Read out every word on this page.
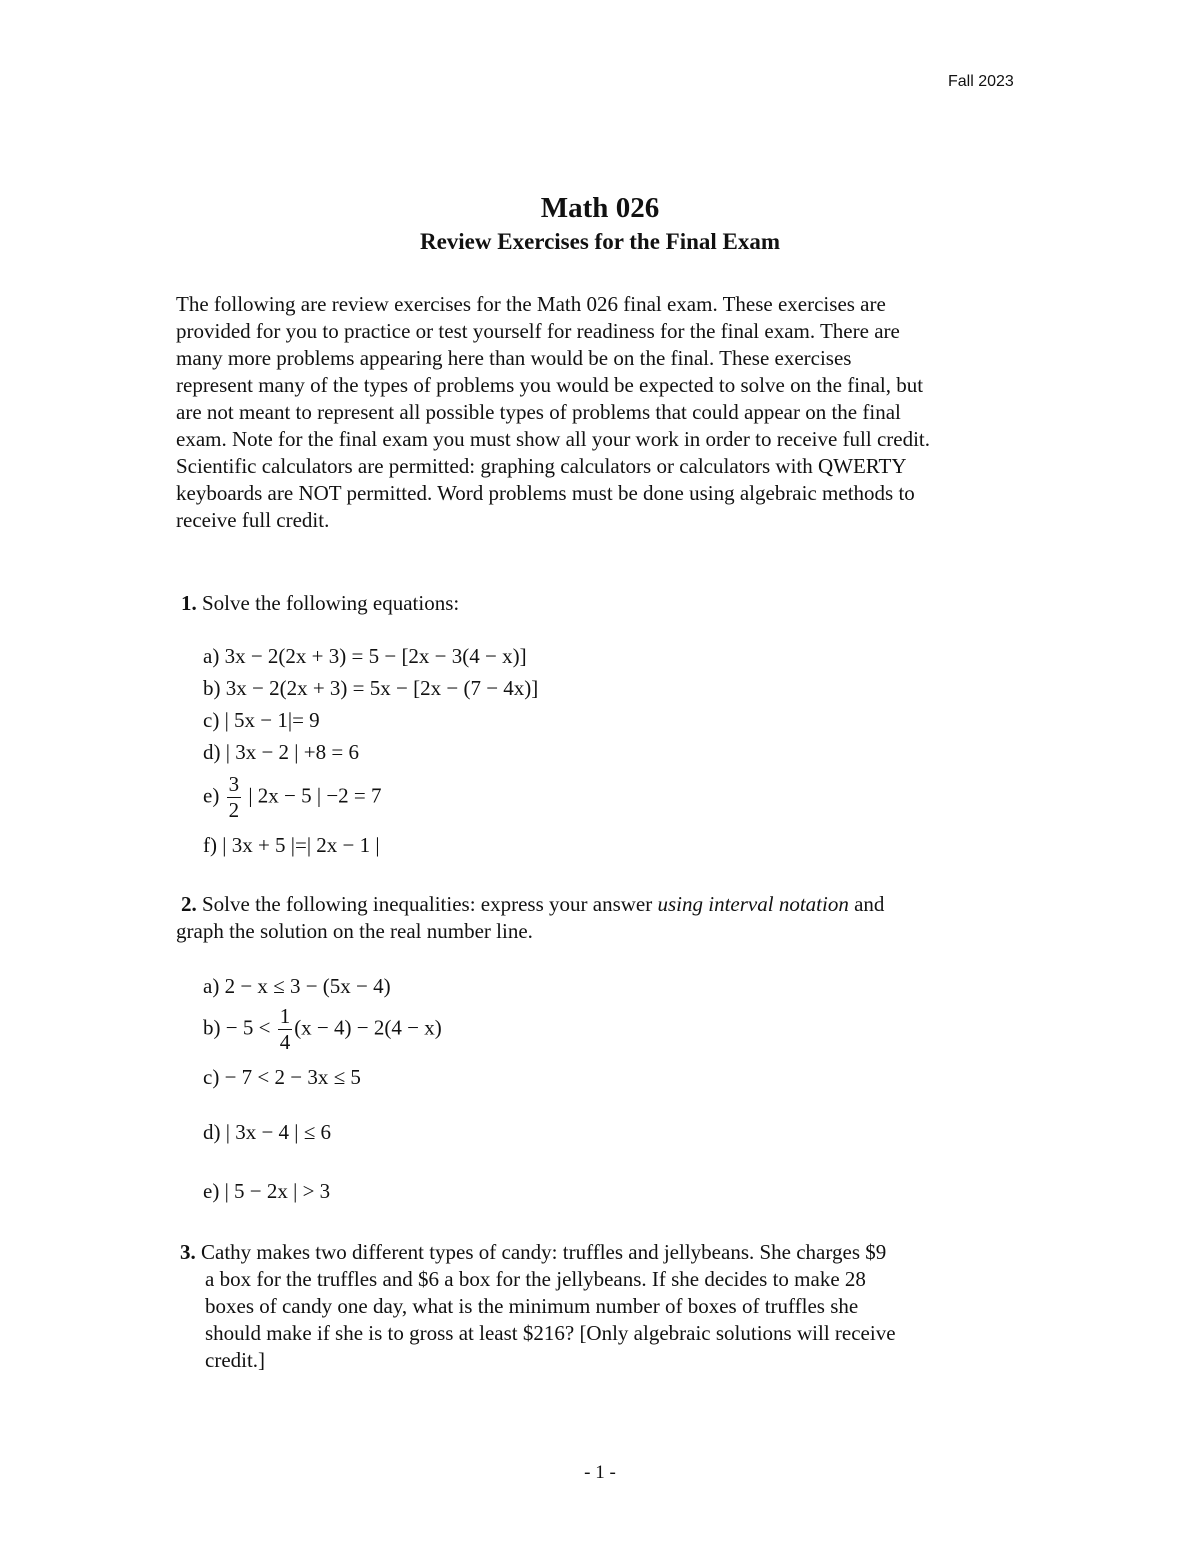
Fall 2023
Math 026
Review Exercises for the Final Exam
The following are review exercises for the Math 026 final exam. These exercises are
provided for you to practice or test yourself for readiness for the final exam. There are
many more problems appearing here than would be on the final. These exercises
represent many of the types of problems you would be expected to solve on the final, but
are not meant to represent all possible types of problems that could appear on the final
exam. Note for the final exam you must show all your work in order to receive full credit.
Scientific calculators are permitted: graphing calculators or calculators with QWERTY
keyboards are NOT permitted. Word problems must be done using algebraic methods to
receive full credit.
1. Solve the following equations:
a) 3x − 2(2x + 3) = 5 − [2x − 3(4 − x)]
b) 3x − 2(2x + 3) = 5x − [2x − (7 − 4x)]
c) | 5x − 1|= 9
d) | 3x − 2 | +8 = 6
$e) \frac{3}{2}$ | 2x − 5 | −2 = 7
f) | 3x + 5 |=| 2x − 1 |
2. Solve the following inequalities: express your answer using interval notation and
graph the solution on the real number line.
a) 2 − x ≤ 3 − (5x − 4)
$b) - 5 < \frac{1}{4} (x - 4) - 2(4 - x)$
c) − 7 < 2 − 3x ≤ 5
d) | 3x − 4 | ≤ 6
e) | 5 − 2x | > 3
3. Cathy makes two different types of candy: truffles and jellybeans. She charges $9
a box for the truffles and $6 a box for the jellybeans. If she decides to make 28
boxes of candy one day, what is the minimum number of boxes of truffles she
should make if she is to gross at least $216? [Only algebraic solutions will receive
credit.]
- 1 -
